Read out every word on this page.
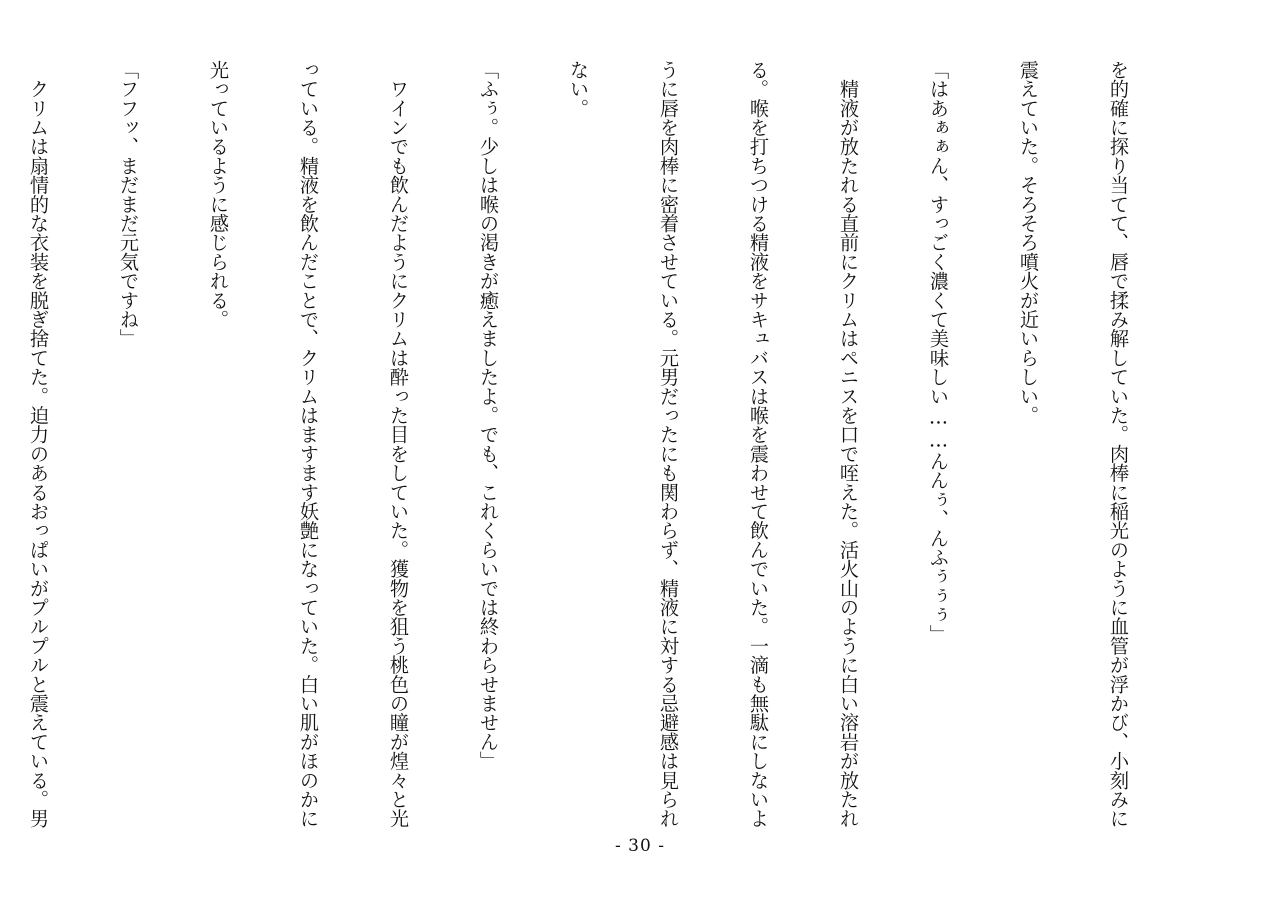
を的確に探り当てて、唇で揉み解していた。肉棒に稲光のように血管が浮かび、小刻みに

震えていた。そろそろ噴火が近いらしい。

「はあぁぁん、すっごく濃くて美味しい……んんぅ、んふぅぅぅ」

　精液が放たれる直前にクリムはペニスを口で咥えた。活火山のように白い溶岩が放たれ

る。喉を打ちつける精液をサキュバスは喉を震わせて飲んでいた。一滴も無駄にしないよ

うに唇を肉棒に密着させている。元男だったにも関わらず、精液に対する忌避感は見られ

ない。

「ふぅ。少しは喉の渇きが癒えましたよ。でも、これくらいでは終わらせません」

　ワインでも飲んだようにクリムは酔った目をしていた。獲物を狙う桃色の瞳が煌々と光

っている。精液を飲んだことで、クリムはますます妖艶になっていた。白い肌がほのかに

光っているように感じられる。

「フフッ、まだまだ元気ですね」

　クリムは扇情的な衣装を脱ぎ捨てた。迫力のあるおっぱいがプルプルと震えている。男

- 30 -
